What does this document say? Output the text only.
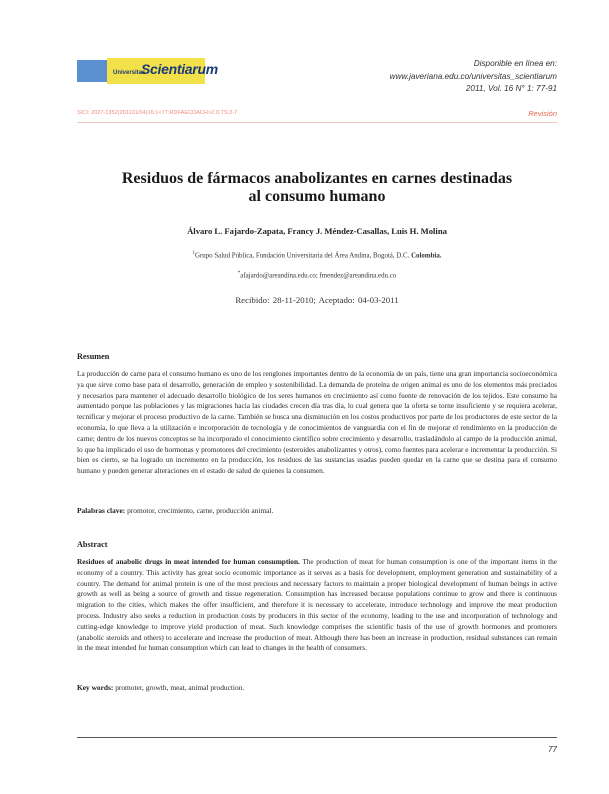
Universitas
Scientiarum	Disponible en línea en:
www.javeriana.edu.co/universitas_scientiarum
2011, Vol. 16 N° 1: 77-91
SICI: 2027-1352(201101/04)16:1<77:RDFAECDACH>2.0.TS;2-7	Revisión
Residuos de fármacos anabolizantes en carnes destinadas
al consumo humano
Álvaro L. Fajardo-Zapata, Francy J. Méndez-Casallas, Luis H. Molina
$^1$Grupo Salud Pública, Fundación Universitaria del Área Andina, Bogotá, D.C. Colombia.
*afajardo@areandina.edu.co; fmendez@areandina.edu.co
Recibido: 28-11-2010; Aceptado: 04-03-2011
Resumen

La producción de carne para el consumo humano es uno de los renglones importantes dentro de la economía de un país, tiene una gran importancia socioeconómica ya que sirve como base para el desarrollo, generación de empleo y sostenibilidad. La demanda de proteína de origen animal es uno de los elementos más preciados y necesarios para mantener el adecuado desarrollo biológico de los seres humanos en crecimiento así como fuente de renovación de los tejidos. Este consumo ha aumentado porque las poblaciones y las migraciones hacia las ciudades crecen día tras día, lo cual genera que la oferta se torne insuficiente y se requiera acelerar, tecnificar y mejorar el proceso productivo de la carne. También se busca una disminución en los costos productivos por parte de los productores de este sector de la economía, lo que lleva a la utilización e incorporación de tecnología y de conocimientos de vanguardia con el fin de mejorar el rendimiento en la producción de carne; dentro de los nuevos conceptos se ha incorporado el conocimiento científico sobre crecimiento y desarrollo, trasladándolo al campo de la producción animal, lo que ha implicado el uso de hormonas y promotores del crecimiento (esteroides anabolizantes y otros), como fuentes para acelerar e incrementar la producción. Si bien es cierto, se ha logrado un incremento en la producción, los residuos de las sustancias usadas pueden quedar en la carne que se destina para el consumo humano y pueden generar alteraciones en el estado de salud de quienes la consumen.

Palabras clave: promotor, crecimiento, carne, producción animal.
Abstract

Residues of anabolic drugs in meat intended for human consumption. The production of meat for human consumption is one of the important items in the economy of a country. This activity has great socio economic importance as it serves as a basis for development, employment generation and sustainability of a country. The demand for animal protein is one of the most precious and necessary factors to maintain a proper biological development of human beings in active growth as well as being a source of growth and tissue regeneration. Consumption has increased because populations continue to grow and there is continuous migration to the cities, which makes the offer insufficient, and therefore it is necessary to accelerate, introduce technology and improve the meat production process. Industry also seeks a reduction in production costs by producers in this sector of the economy, leading to the use and incorporation of technology and cutting-edge knowledge to improve yield production of meat. Such knowledge comprises the scientific basis of the use of growth hormones and promoters (anabolic steroids and others) to accelerate and increase the production of meat. Although there has been an increase in production, residual substances can remain in the meat intended for human consumption which can lead to changes in the health of consumers.

Key words: promoter, growth, meat, animal production.
77
